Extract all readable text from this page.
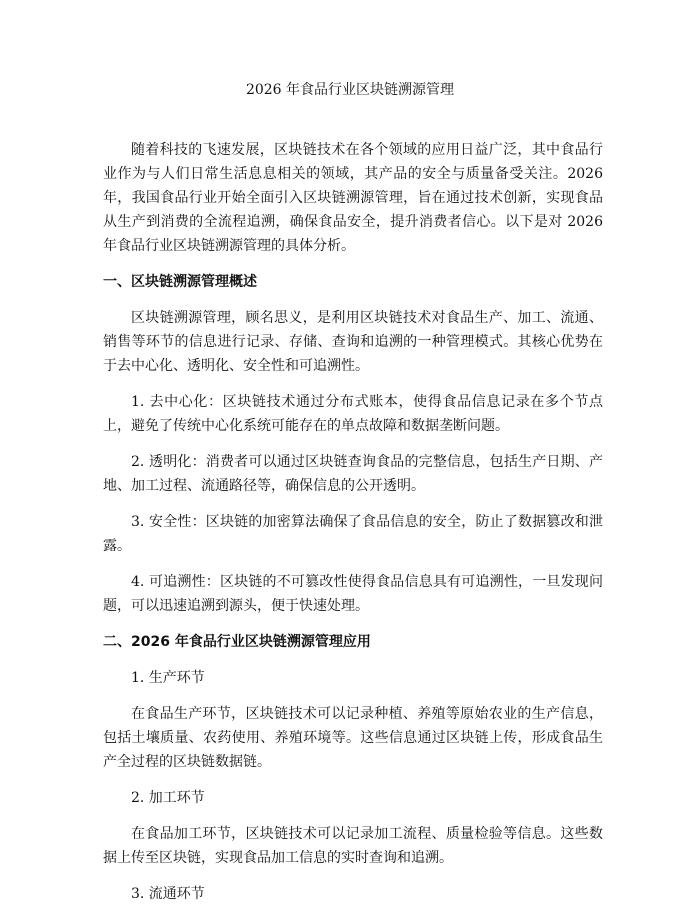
2026 年食品行业区块链溯源管理

随着科技的飞速发展，区块链技术在各个领域的应用日益广泛，其中食品行业作为与人们日常生活息息相关的领域，其产品的安全与质量备受关注。2026 年，我国食品行业开始全面引入区块链溯源管理，旨在通过技术创新，实现食品从生产到消费的全流程追溯，确保食品安全，提升消费者信心。以下是对 2026 年食品行业区块链溯源管理的具体分析。

一、区块链溯源管理概述

区块链溯源管理，顾名思义，是利用区块链技术对食品生产、加工、流通、销售等环节的信息进行记录、存储、查询和追溯的一种管理模式。其核心优势在于去中心化、透明化、安全性和可追溯性。

1. 去中心化：区块链技术通过分布式账本，使得食品信息记录在多个节点上，避免了传统中心化系统可能存在的单点故障和数据垄断问题。

2. 透明化：消费者可以通过区块链查询食品的完整信息，包括生产日期、产地、加工过程、流通路径等，确保信息的公开透明。

3. 安全性：区块链的加密算法确保了食品信息的安全，防止了数据篡改和泄露。

4. 可追溯性：区块链的不可篡改性使得食品信息具有可追溯性，一旦发现问题，可以迅速追溯到源头，便于快速处理。

二、2026 年食品行业区块链溯源管理应用

1. 生产环节

在食品生产环节，区块链技术可以记录种植、养殖等原始农业的生产信息，包括土壤质量、农药使用、养殖环境等。这些信息通过区块链上传，形成食品生产全过程的区块链数据链。

2. 加工环节

在食品加工环节，区块链技术可以记录加工流程、质量检验等信息。这些数据上传至区块链，实现食品加工信息的实时查询和追溯。

3. 流通环节
